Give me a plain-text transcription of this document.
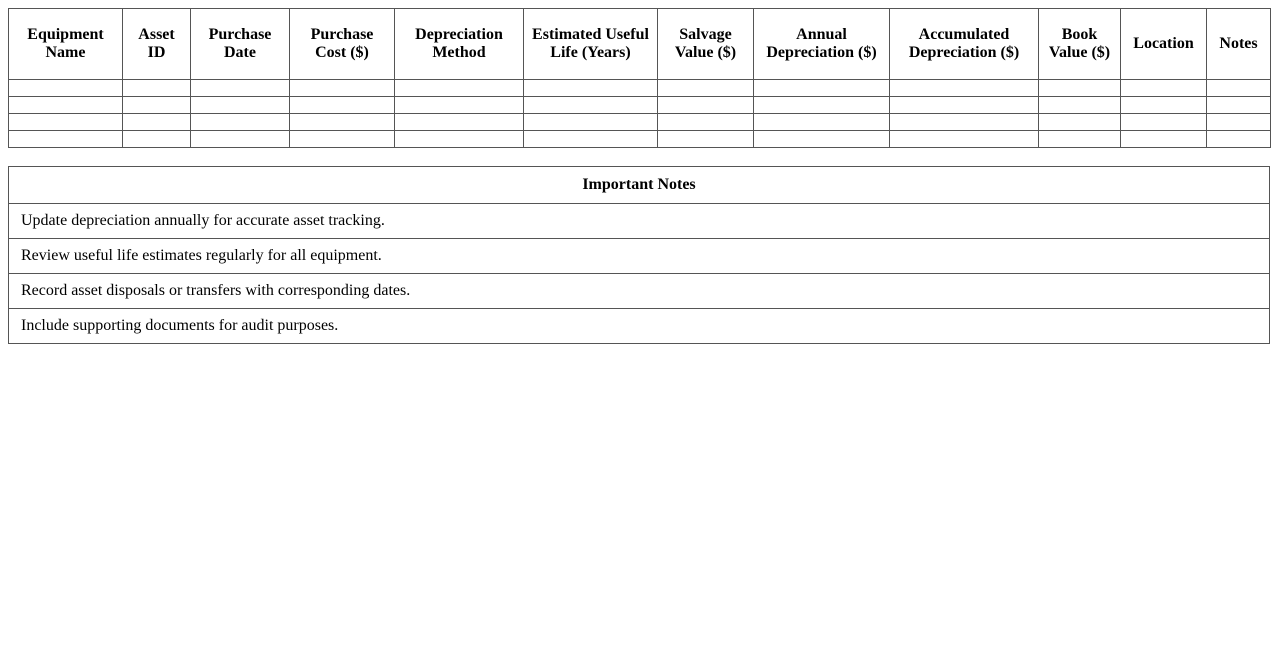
Equipment Name	Asset ID	Purchase Date	Purchase Cost ($)	Depreciation Method	Estimated Useful Life (Years)	Salvage Value ($)	Annual Depreciation ($)	Accumulated Depreciation ($)	Book Value ($)	Location	Notes

Important Notes
Update depreciation annually for accurate asset tracking.
Review useful life estimates regularly for all equipment.
Record asset disposals or transfers with corresponding dates.
Include supporting documents for audit purposes.
